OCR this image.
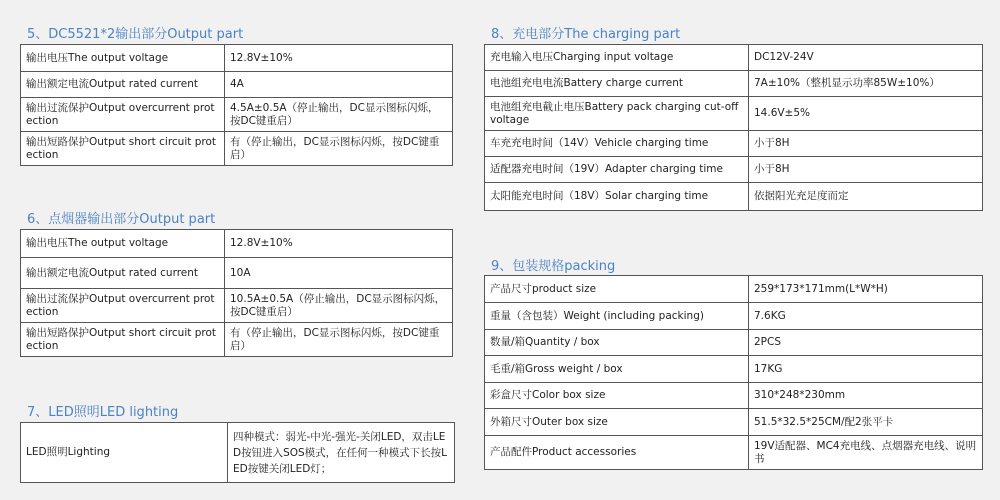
5、DC5521*2输出部分Output part
输出电压The output voltage	12.8V±10%
输出额定电流Output rated current	4A
输出过流保护Output overcurrent protection	4.5A±0.5A（停止输出，DC显示图标闪烁，按DC键重启）
输出短路保护Output short circuit protection	有（停止输出，DC显示图标闪烁，按DC键重启）
6、点烟器输出部分Output part
输出电压The output voltage	12.8V±10%
输出额定电流Output rated current	10A
输出过流保护Output overcurrent protection	10.5A±0.5A（停止输出，DC显示图标闪烁，按DC键重启）
输出短路保护Output short circuit protection	有（停止输出，DC显示图标闪烁，按DC键重启）
7、LED照明LED lighting
LED照明Lighting	四种模式：弱光-中光-强光-关闭LED，双击LED按钮进入SOS模式，在任何一种模式下长按LED按键关闭LED灯；
8、充电部分The charging part
充电输入电压Charging input voltage	DC12V-24V
电池组充电电流Battery charge current	7A±10%（整机显示功率85W±10%）
电池组充电截止电压Battery pack charging cut-off voltage	14.6V±5%
车充充电时间（14V）Vehicle charging time	小于8H
适配器充电时间（19V）Adapter charging time	小于8H
太阳能充电时间（18V）Solar charging time	依据阳光充足度而定
9、包装规格packing
产品尺寸product size	259*173*171mm(L*W*H)
重量（含包装）Weight (including packing)	7.6KG
数量/箱Quantity / box	2PCS
毛重/箱Gross weight / box	17KG
彩盒尺寸Color box size	310*248*230mm
外箱尺寸Outer box size	51.5*32.5*25CM/配2张平卡
产品配件Product accessories	19V适配器、MC4充电线、点烟器充电线、说明书
